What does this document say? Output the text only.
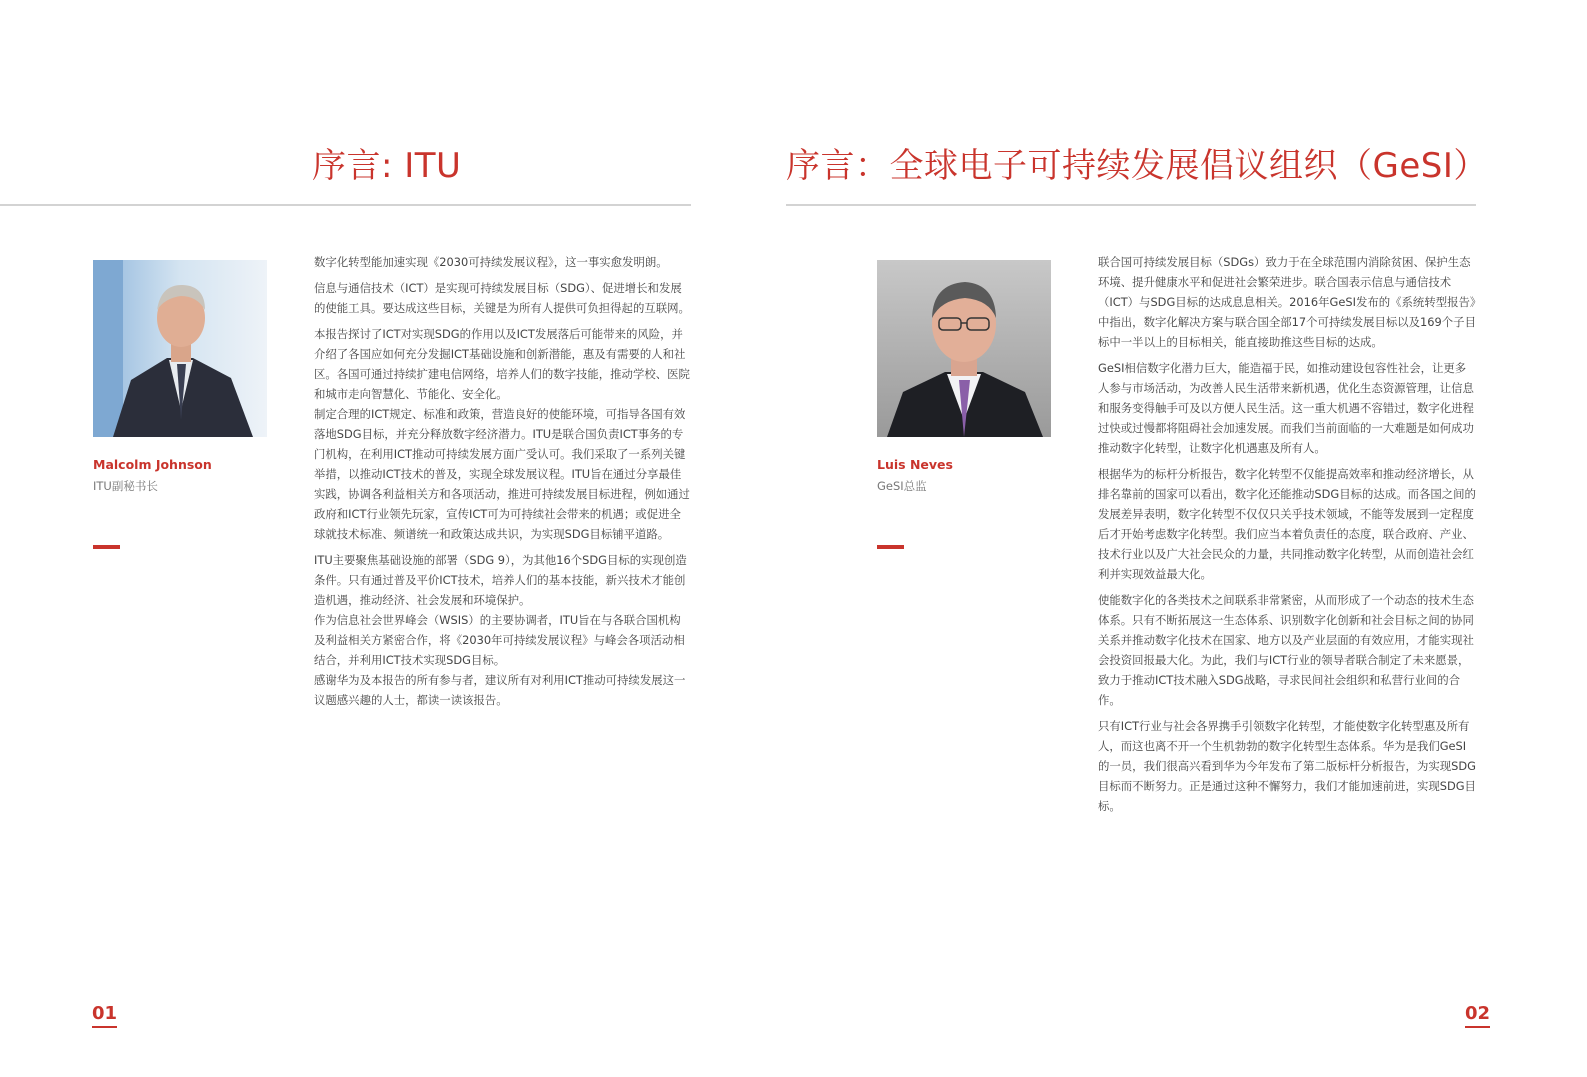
序言: ITU
Malcolm Johnson
ITU副秘书长

数字化转型能加速实现《2030可持续发展议程》，这一事实愈发明朗。

信息与通信技术（ICT）是实现可持续发展目标（SDG）、促进增长和发展的使能工具。要达成这些目标，关键是为所有人提供可负担得起的互联网。

本报告探讨了ICT对实现SDG的作用以及ICT发展落后可能带来的风险，并介绍了各国应如何充分发掘ICT基础设施和创新潜能，惠及有需要的人和社区。各国可通过持续扩建电信网络，培养人们的数字技能，推动学校、医院和城市走向智慧化、节能化、安全化。
制定合理的ICT规定、标准和政策，营造良好的使能环境，可指导各国有效落地SDG目标，并充分释放数字经济潜力。ITU是联合国负责ICT事务的专门机构，在利用ICT推动可持续发展方面广受认可。我们采取了一系列关键举措，以推动ICT技术的普及，实现全球发展议程。ITU旨在通过分享最佳实践，协调各利益相关方和各项活动，推进可持续发展目标进程，例如通过政府和ICT行业领先玩家，宣传ICT可为可持续社会带来的机遇；或促进全球就技术标准、频谱统一和政策达成共识，为实现SDG目标铺平道路。

ITU主要聚焦基础设施的部署（SDG 9），为其他16个SDG目标的实现创造条件。只有通过普及平价ICT技术，培养人们的基本技能，新兴技术才能创造机遇，推动经济、社会发展和环境保护。
作为信息社会世界峰会（WSIS）的主要协调者，ITU旨在与各联合国机构及利益相关方紧密合作，将《2030年可持续发展议程》与峰会各项活动相结合，并利用ICT技术实现SDG目标。
感谢华为及本报告的所有参与者，建议所有对利用ICT推动可持续发展这一议题感兴趣的人士，都读一读该报告。

01
序言：全球电子可持续发展倡议组织（GeSI）
Luis Neves
GeSI总监

联合国可持续发展目标（SDGs）致力于在全球范围内消除贫困、保护生态环境、提升健康水平和促进社会繁荣进步。联合国表示信息与通信技术（ICT）与SDG目标的达成息息相关。2016年GeSI发布的《系统转型报告》中指出，数字化解决方案与联合国全部17个可持续发展目标以及169个子目标中一半以上的目标相关，能直接助推这些目标的达成。

GeSI相信数字化潜力巨大，能造福于民，如推动建设包容性社会，让更多人参与市场活动，为改善人民生活带来新机遇，优化生态资源管理，让信息和服务变得触手可及以方便人民生活。这一重大机遇不容错过，数字化进程过快或过慢都将阻碍社会加速发展。而我们当前面临的一大难题是如何成功推动数字化转型，让数字化机遇惠及所有人。

根据华为的标杆分析报告，数字化转型不仅能提高效率和推动经济增长，从排名靠前的国家可以看出，数字化还能推动SDG目标的达成。而各国之间的发展差异表明，数字化转型不仅仅只关乎技术领域，不能等发展到一定程度后才开始考虑数字化转型。我们应当本着负责任的态度，联合政府、产业、技术行业以及广大社会民众的力量，共同推动数字化转型，从而创造社会红利并实现效益最大化。

使能数字化的各类技术之间联系非常紧密，从而形成了一个动态的技术生态体系。只有不断拓展这一生态体系、识别数字化创新和社会目标之间的协同关系并推动数字化技术在国家、地方以及产业层面的有效应用，才能实现社会投资回报最大化。为此，我们与ICT行业的领导者联合制定了未来愿景，致力于推动ICT技术融入SDG战略，寻求民间社会组织和私营行业间的合作。

只有ICT行业与社会各界携手引领数字化转型，才能使数字化转型惠及所有人，而这也离不开一个生机勃勃的数字化转型生态体系。华为是我们GeSI的一员，我们很高兴看到华为今年发布了第二版标杆分析报告，为实现SDG目标而不断努力。正是通过这种不懈努力，我们才能加速前进，实现SDG目标。

02
